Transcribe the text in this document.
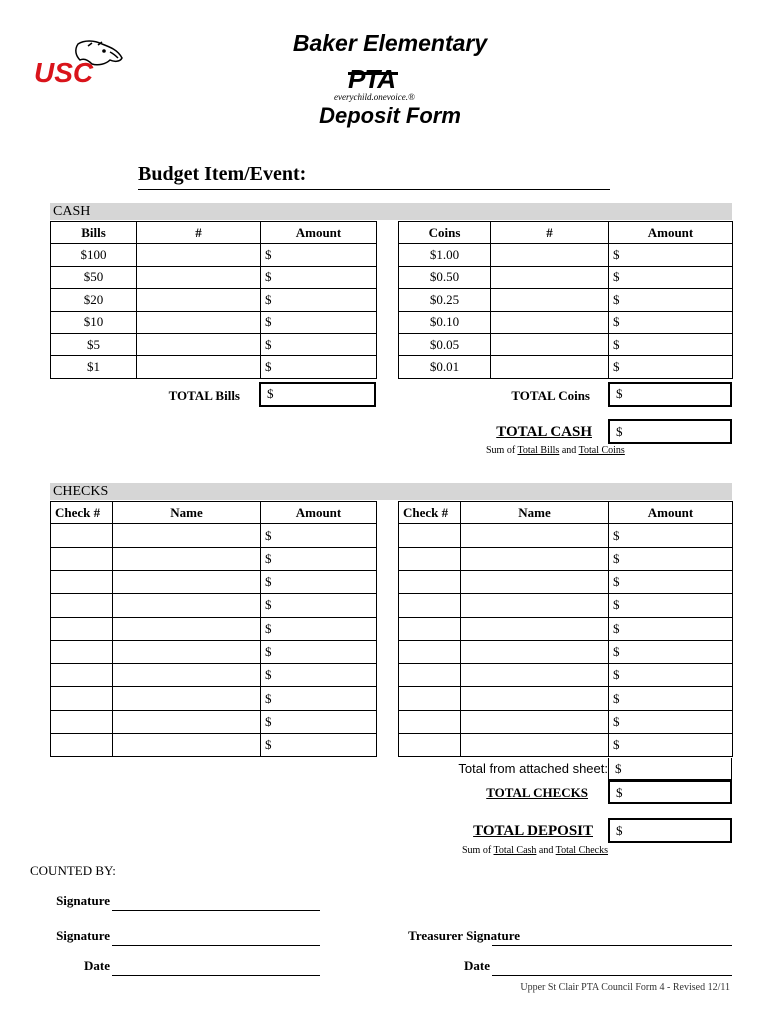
USC
Baker Elementary
PTA
everychild.onevoice.®
Deposit Form
Budget Item/Event:
CASH
Bills	#	Amount
$100		$
$50		$
$20		$
$10		$
$5		$
$1		$
Coins	#	Amount
$1.00		$
$0.50		$
$0.25		$
$0.10		$
$0.05		$
$0.01		$
TOTAL Bills	$	TOTAL Coins	$
TOTAL CASH	$
Sum of Total Bills and Total Coins
CHECKS
Check #	Name	Amount
		$
		$
		$
		$
		$
		$
		$
		$
		$
		$
Check #	Name	Amount
		$
		$
		$
		$
		$
		$
		$
		$
		$
		$
Total from attached sheet: $
TOTAL CHECKS	$
TOTAL DEPOSIT	$
Sum of Total Cash and Total Checks
COUNTED BY:
Signature
Signature
Date
Treasurer Signature
Date
Upper St Clair PTA Council Form 4 - Revised 12/11
